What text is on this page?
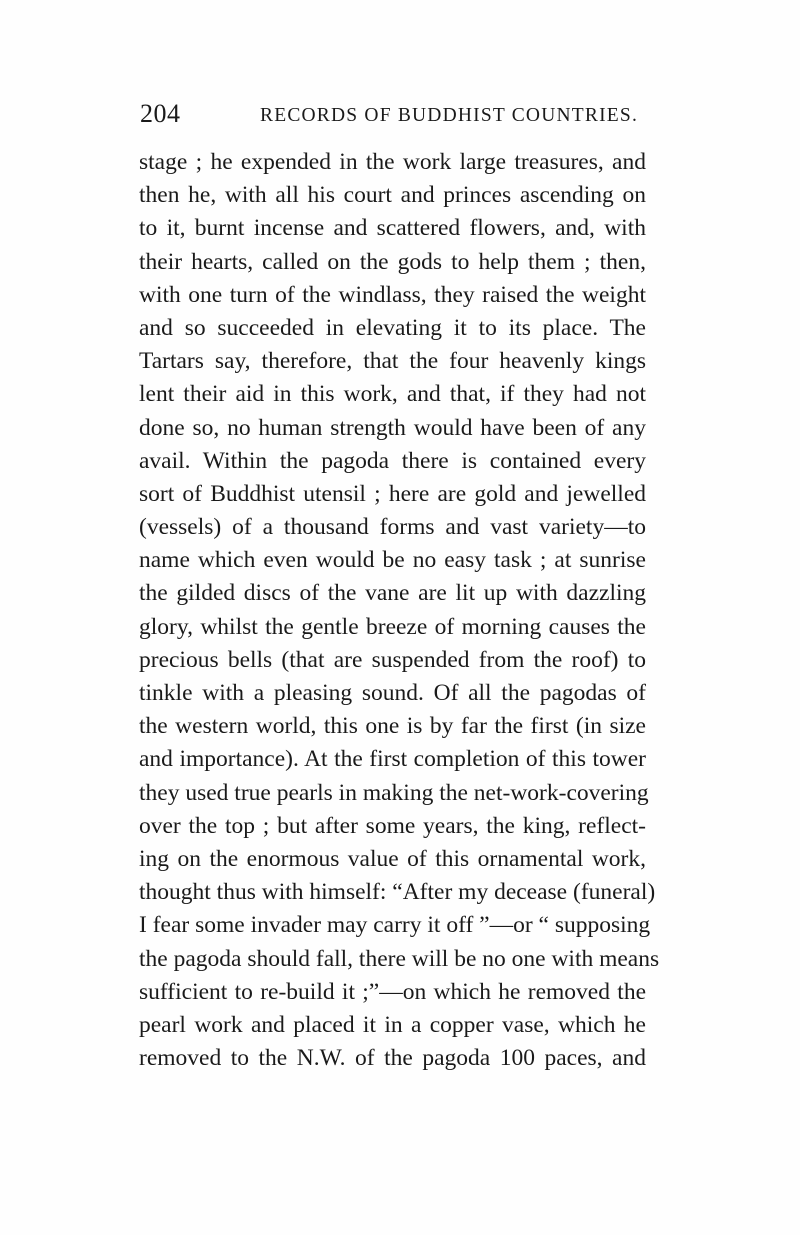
204	RECORDS OF BUDDHIST COUNTRIES.
stage ; he expended in the work large treasures, and
then he, with all his court and princes ascending on
to it, burnt incense and scattered flowers, and, with
their hearts, called on the gods to help them ; then,
with one turn of the windlass, they raised the weight
and so succeeded in elevating it to its place. The
Tartars say, therefore, that the four heavenly kings
lent their aid in this work, and that, if they had not
done so, no human strength would have been of any
avail. Within the pagoda there is contained every
sort of Buddhist utensil ; here are gold and jewelled
(vessels) of a thousand forms and vast variety—to
name which even would be no easy task ; at sunrise
the gilded discs of the vane are lit up with dazzling
glory, whilst the gentle breeze of morning causes the
precious bells (that are suspended from the roof) to
tinkle with a pleasing sound. Of all the pagodas of
the western world, this one is by far the first (in size
and importance). At the first completion of this tower
they used true pearls in making the net-work-covering
over the top ; but after some years, the king, reflect-
ing on the enormous value of this ornamental work,
thought thus with himself: “After my decease (funeral)
I fear some invader may carry it off ”—or “ supposing
the pagoda should fall, there will be no one with means
sufficient to re-build it ;”—on which he removed the
pearl work and placed it in a copper vase, which he
removed to the N.W. of the pagoda 100 paces, and
